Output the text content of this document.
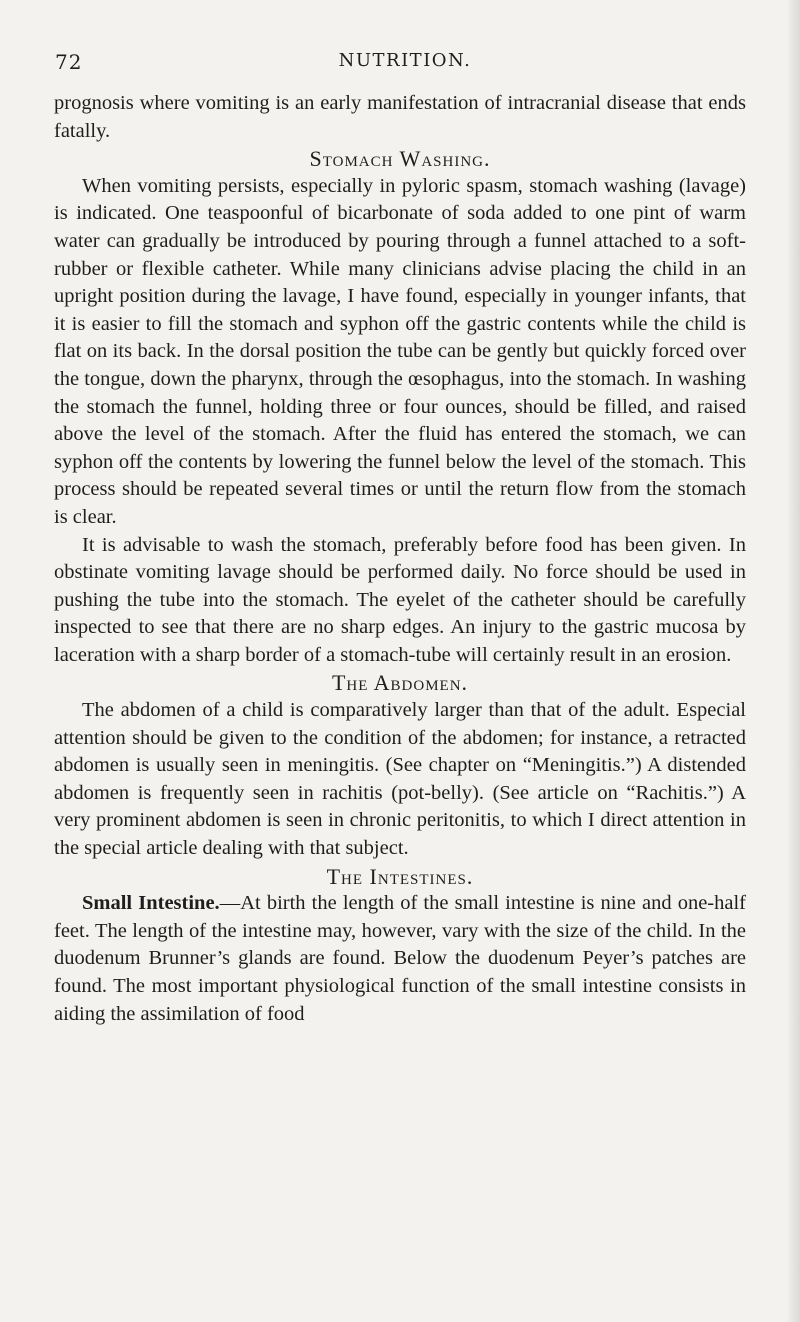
72	NUTRITION.

prognosis where vomiting is an early manifestation of intracranial disease that ends fatally.

Stomach Washing.

When vomiting persists, especially in pyloric spasm, stomach washing (lavage) is indicated. One teaspoonful of bicarbonate of soda added to one pint of warm water can gradually be introduced by pouring through a funnel attached to a soft-rubber or flexible catheter. While many clinicians advise placing the child in an upright position during the lavage, I have found, especially in younger infants, that it is easier to fill the stomach and syphon off the gastric contents while the child is flat on its back. In the dorsal position the tube can be gently but quickly forced over the tongue, down the pharynx, through the œsophagus, into the stomach. In washing the stomach the funnel, holding three or four ounces, should be filled, and raised above the level of the stomach. After the fluid has entered the stomach, we can syphon off the contents by lowering the funnel below the level of the stomach. This process should be repeated several times or until the return flow from the stomach is clear.

It is advisable to wash the stomach, preferably before food has been given. In obstinate vomiting lavage should be performed daily. No force should be used in pushing the tube into the stomach. The eyelet of the catheter should be carefully inspected to see that there are no sharp edges. An injury to the gastric mucosa by laceration with a sharp border of a stomach-tube will certainly result in an erosion.

The Abdomen.

The abdomen of a child is comparatively larger than that of the adult. Especial attention should be given to the condition of the abdomen; for instance, a retracted abdomen is usually seen in meningitis. (See chapter on “Meningitis.”) A distended abdomen is frequently seen in rachitis (pot-belly). (See article on “Rachitis.”) A very prominent abdomen is seen in chronic peritonitis, to which I direct attention in the special article dealing with that subject.

The Intestines.

Small Intestine.—At birth the length of the small intestine is nine and one-half feet. The length of the intestine may, however, vary with the size of the child. In the duodenum Brunner’s glands are found. Below the duodenum Peyer’s patches are found. The most important physiological function of the small intestine consists in aiding the assimilation of food
